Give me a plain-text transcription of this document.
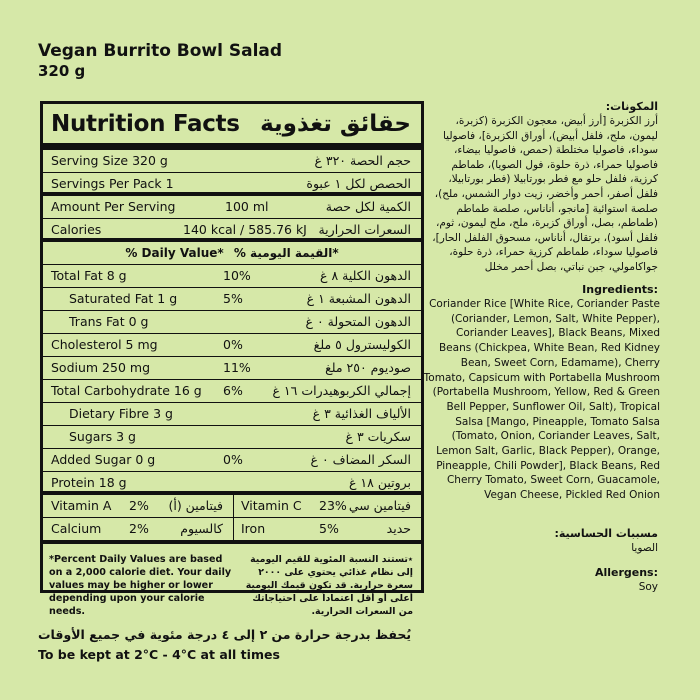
Vegan Burrito Bowl Salad
320 g
Nutrition Facts حقائق تغذوية
Serving Size 320 g	حجم الحصة ٣٢٠ غ
Servings Per Pack 1	الحصص لكل ١ عبوة
Amount Per Serving	100 ml	الكمية لكل حصة
Calories	140 kcal / 585.76 kJ السعرات الحرارية
% Daily Value* % القيمة اليومية*
Total Fat 8 g	10%	الدهون الكلية ٨ غ
Saturated Fat 1 g	5%	الدهون المشبعة ١ غ
Trans Fat 0 g	الدهون المتحولة ٠ غ
Cholesterol 5 mg	0%	الكوليسترول ٥ ملغ
Sodium 250 mg	11%	صوديوم ٢٥٠ ملغ
Total Carbohydrate 16 g 6% إجمالي الكربوهيدرات ١٦ غ
Dietary Fibre 3 g	الألياف الغذائية ٣ غ
Sugars 3 g	سكريات ٣ غ
Added Sugar 0 g	0%	السكر المضاف ٠ غ
Protein 18 g	بروتين ١٨ غ
Vitamin A 2% فيتامين (أ) Vitamin C 23% فيتامين سي
Calcium 2%	كالسيوم Iron	5%	حديد
*Percent Daily Values are based on a 2,000 calorie diet. Your daily values may be higher or lower depending upon your calorie needs.
٭تستند النسبة المئوية للقيم اليومية إلى نظام غذائي يحتوي على ٢٠٠٠ سعرة حرارية. قد تكون قيمك اليومية أعلى أو أقل اعتماداً على احتياجاتك من السعرات الحرارية.
يُحفظ بدرجة حرارة من ٢ إلى ٤ درجة مئوية في جميع الأوقات
To be kept at 2°C - 4°C at all times
المكونات:
أرز الكزبرة [أرز أبيض، معجون الكزبرة (كزبرة، ليمون، ملح، فلفل أبيض)، أوراق الكزبرة]، فاصوليا سوداء، فاصوليا مختلطة (حمص، فاصوليا بيضاء، فاصوليا حمراء، ذرة حلوة، فول الصويا)، طماطم كرزية، فلفل حلو مع فطر بورتابيلا (فطر بورتابيلا، فلفل أصفر، أحمر وأخضر، زيت دوار الشمس، ملح)، صلصة استوائية [مانجو، أناناس، صلصة طماطم (طماطم، بصل، أوراق كزبرة، ملح، ملح ليمون، ثوم، فلفل أسود)، برتقال، أناناس، مسحوق الفلفل الحار]، فاصوليا سوداء، طماطم كرزية حمراء، ذرة حلوة، جواكامولي، جبن نباتي، بصل أحمر مخلل
Ingredients:
Coriander Rice [White Rice, Coriander Paste (Coriander, Lemon, Salt, White Pepper), Coriander Leaves], Black Beans, Mixed Beans (Chickpea, White Bean, Red Kidney Bean, Sweet Corn, Edamame), Cherry Tomato, Capsicum with Portabella Mushroom (Portabella Mushroom, Yellow, Red & Green Bell Pepper, Sunflower Oil, Salt), Tropical Salsa [Mango, Pineapple, Tomato Salsa (Tomato, Onion, Coriander Leaves, Salt, Lemon Salt, Garlic, Black Pepper), Orange, Pineapple, Chili Powder], Black Beans, Red Cherry Tomato, Sweet Corn, Guacamole, Vegan Cheese, Pickled Red Onion
مسببات الحساسية:
الصويا
Allergens:
Soy
